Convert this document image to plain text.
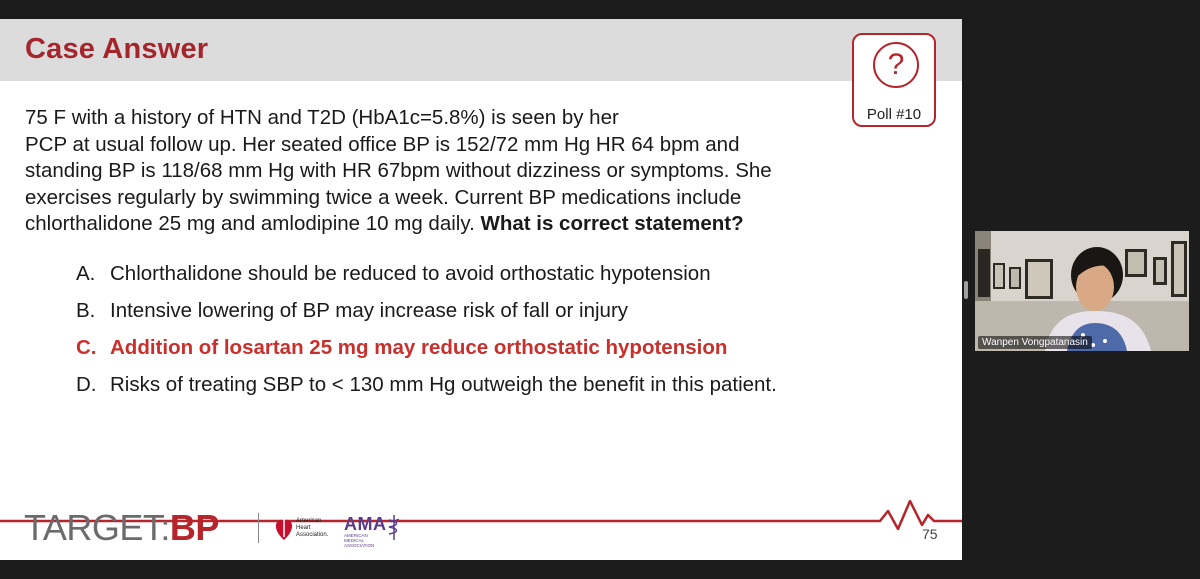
Case Answer	?
Poll #10
75 F with a history of HTN and T2D (HbA1c=5.8%) is seen by her
PCP at usual follow up. Her seated office BP is 152/72 mm Hg HR 64 bpm and
standing BP is 118/68 mm Hg with HR 67bpm without dizziness or symptoms. She
exercises regularly by swimming twice a week. Current BP medications include
chlorthalidone 25 mg and amlodipine 10 mg daily. What is correct statement?
A. Chlorthalidone should be reduced to avoid orthostatic hypotension
B. Intensive lowering of BP may increase risk of fall or injury
C. Addition of losartan 25 mg may reduce orthostatic hypotension
D. Risks of treating SBP to < 130 mm Hg outweigh the benefit in this patient.
TARGET:BP	American Heart Association.
AMA
AMERICAN MEDICAL ASSOCIATION
75
Wanpen Vongpatanasin
